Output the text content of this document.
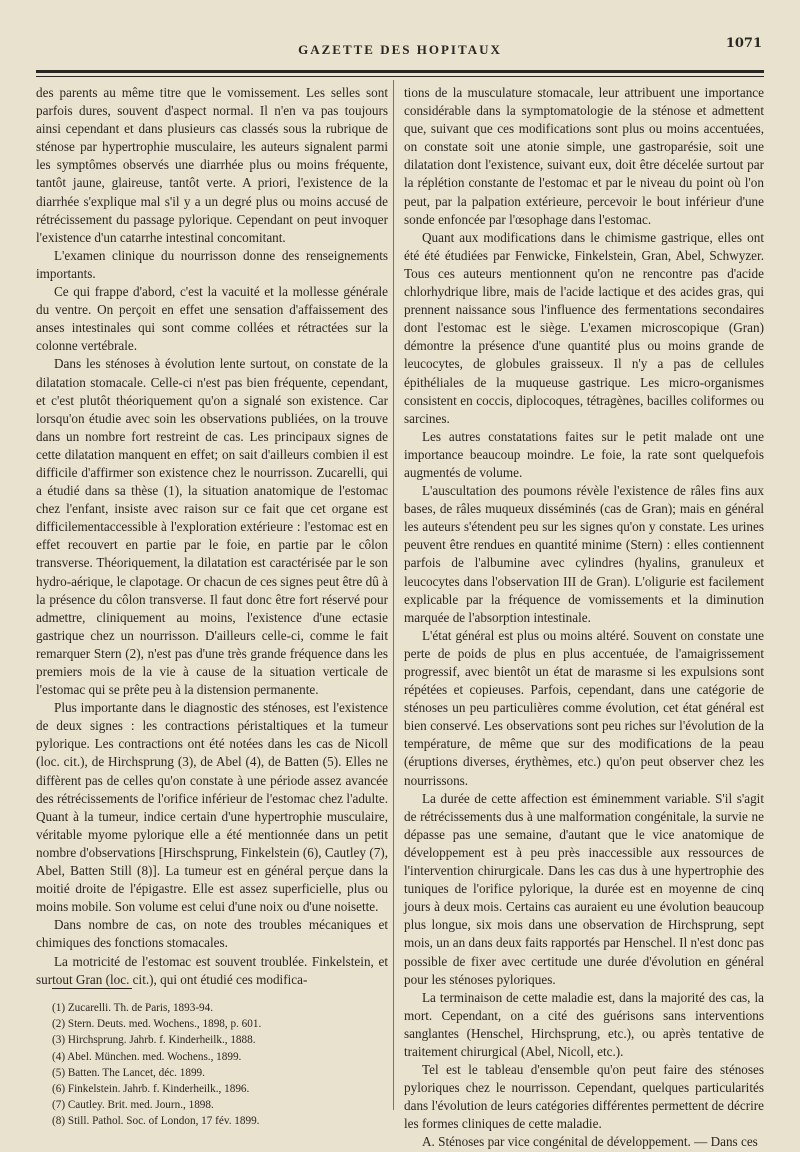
GAZETTE DES HOPITAUX	1071

des parents au même titre que le vomissement. Les selles sont parfois dures, souvent d'aspect normal. Il n'en va pas toujours ainsi cependant et dans plusieurs cas classés sous la rubrique de sténose par hypertrophie musculaire, les auteurs signalent parmi les symptômes observés une diarrhée plus ou moins fréquente, tantôt jaune, glaireuse, tantôt verte. A priori, l'existence de la diarrhée s'explique mal s'il y a un degré plus ou moins accusé de rétrécissement du passage pylorique. Cependant on peut invoquer l'existence d'un catarrhe intestinal concomitant.

L'examen clinique du nourrisson donne des renseignements importants.

Ce qui frappe d'abord, c'est la vacuité et la mollesse générale du ventre. On perçoit en effet une sensation d'affaissement des anses intestinales qui sont comme collées et rétractées sur la colonne vertébrale.

Dans les sténoses à évolution lente surtout, on constate de la dilatation stomacale. Celle-ci n'est pas bien fréquente, cependant, et c'est plutôt théoriquement qu'on a signalé son existence. Car lorsqu'on étudie avec soin les observations publiées, on la trouve dans un nombre fort restreint de cas. Les principaux signes de cette dilatation manquent en effet; on sait d'ailleurs combien il est difficile d'affirmer son existence chez le nourrisson. Zucarelli, qui a étudié dans sa thèse (1), la situation anatomique de l'estomac chez l'enfant, insiste avec raison sur ce fait que cet organe est difficilementaccessible à l'exploration extérieure : l'estomac est en effet recouvert en partie par le foie, en partie par le côlon transverse. Théoriquement, la dilatation est caractérisée par le son hydro-aérique, le clapotage. Or chacun de ces signes peut être dû à la présence du côlon transverse. Il faut donc être fort réservé pour admettre, cliniquement au moins, l'existence d'une ectasie gastrique chez un nourrisson. D'ailleurs celle-ci, comme le fait remarquer Stern (2), n'est pas d'une très grande fréquence dans les premiers mois de la vie à cause de la situation verticale de l'estomac qui se prête peu à la distension permanente.

Plus importante dans le diagnostic des sténoses, est l'existence de deux signes : les contractions péristaltiques et la tumeur pylorique. Les contractions ont été notées dans les cas de Nicoll (loc. cit.), de Hirchsprung (3), de Abel (4), de Batten (5). Elles ne diffèrent pas de celles qu'on constate à une période assez avancée des rétrécissements de l'orifice inférieur de l'estomac chez l'adulte. Quant à la tumeur, indice certain d'une hypertrophie musculaire, véritable myome pylorique elle a été mentionnée dans un petit nombre d'observations [Hirschsprung, Finkelstein (6), Cautley (7), Abel, Batten Still (8)]. La tumeur est en général perçue dans la moitié droite de l'épigastre. Elle est assez superficielle, plus ou moins mobile. Son volume est celui d'une noix ou d'une noisette.

Dans nombre de cas, on note des troubles mécaniques et chimiques des fonctions stomacales.

La motricité de l'estomac est souvent troublée. Finkelstein, et surtout Gran (loc. cit.), qui ont étudié ces modifica-

(1) Zucarelli. Th. de Paris, 1893-94.
(2) Stern. Deuts. med. Wochens., 1898, p. 601.
(3) Hirchsprung. Jahrb. f. Kinderheilk., 1888.
(4) Abel. München. med. Wochens., 1899.
(5) Batten. The Lancet, déc. 1899.
(6) Finkelstein. Jahrb. f. Kinderheilk., 1896.
(7) Cautley. Brit. med. Journ., 1898.
(8) Still. Pathol. Soc. of London, 17 fév. 1899.

tions de la musculature stomacale, leur attribuent une importance considérable dans la symptomatologie de la sténose et admettent que, suivant que ces modifications sont plus ou moins accentuées, on constate soit une atonie simple, une gastroparésie, soit une dilatation dont l'existence, suivant eux, doit être décelée surtout par la réplétion constante de l'estomac et par le niveau du point où l'on peut, par la palpation extérieure, percevoir le bout inférieur d'une sonde enfoncée par l'œsophage dans l'estomac.

Quant aux modifications dans le chimisme gastrique, elles ont été été étudiées par Fenwicke, Finkelstein, Gran, Abel, Schwyzer. Tous ces auteurs mentionnent qu'on ne rencontre pas d'acide chlorhydrique libre, mais de l'acide lactique et des acides gras, qui prennent naissance sous l'influence des fermentations secondaires dont l'estomac est le siège. L'examen microscopique (Gran) démontre la présence d'une quantité plus ou moins grande de leucocytes, de globules graisseux. Il n'y a pas de cellules épithéliales de la muqueuse gastrique. Les micro-organismes consistent en coccis, diplocoques, tétragènes, bacilles coliformes ou sarcines.

Les autres constatations faites sur le petit malade ont une importance beaucoup moindre. Le foie, la rate sont quelquefois augmentés de volume.

L'auscultation des poumons révèle l'existence de râles fins aux bases, de râles muqueux disséminés (cas de Gran); mais en général les auteurs s'étendent peu sur les signes qu'on y constate. Les urines peuvent être rendues en quantité minime (Stern) : elles contiennent parfois de l'albumine avec cylindres (hyalins, granuleux et leucocytes dans l'observation III de Gran). L'oligurie est facilement explicable par la fréquence de vomissements et la diminution marquée de l'absorption intestinale.

L'état général est plus ou moins altéré. Souvent on constate une perte de poids de plus en plus accentuée, de l'amaigrissement progressif, avec bientôt un état de marasme si les expulsions sont répétées et copieuses. Parfois, cependant, dans une catégorie de sténoses un peu particulières comme évolution, cet état général est bien conservé. Les observations sont peu riches sur l'évolution de la température, de même que sur des modifications de la peau (éruptions diverses, érythèmes, etc.) qu'on peut observer chez les nourrissons.

La durée de cette affection est éminemment variable. S'il s'agit de rétrécissements dus à une malformation congénitale, la survie ne dépasse pas une semaine, d'autant que le vice anatomique de développement est à peu près inaccessible aux ressources de l'intervention chirurgicale. Dans les cas dus à une hypertrophie des tuniques de l'orifice pylorique, la durée est en moyenne de cinq jours à deux mois. Certains cas auraient eu une évolution beaucoup plus longue, six mois dans une observation de Hirchsprung, sept mois, un an dans deux faits rapportés par Henschel. Il n'est donc pas possible de fixer avec certitude une durée d'évolution en général pour les sténoses pyloriques.

La terminaison de cette maladie est, dans la majorité des cas, la mort. Cependant, on a cité des guérisons sans interventions sanglantes (Henschel, Hirchsprung, etc.), ou après tentative de traitement chirurgical (Abel, Nicoll, etc.).

Tel est le tableau d'ensemble qu'on peut faire des sténoses pyloriques chez le nourrisson. Cependant, quelques particularités dans l'évolution de leurs catégories différentes permettent de décrire les formes cliniques de cette maladie.

A. Sténoses par vice congénital de développement. — Dans ces
